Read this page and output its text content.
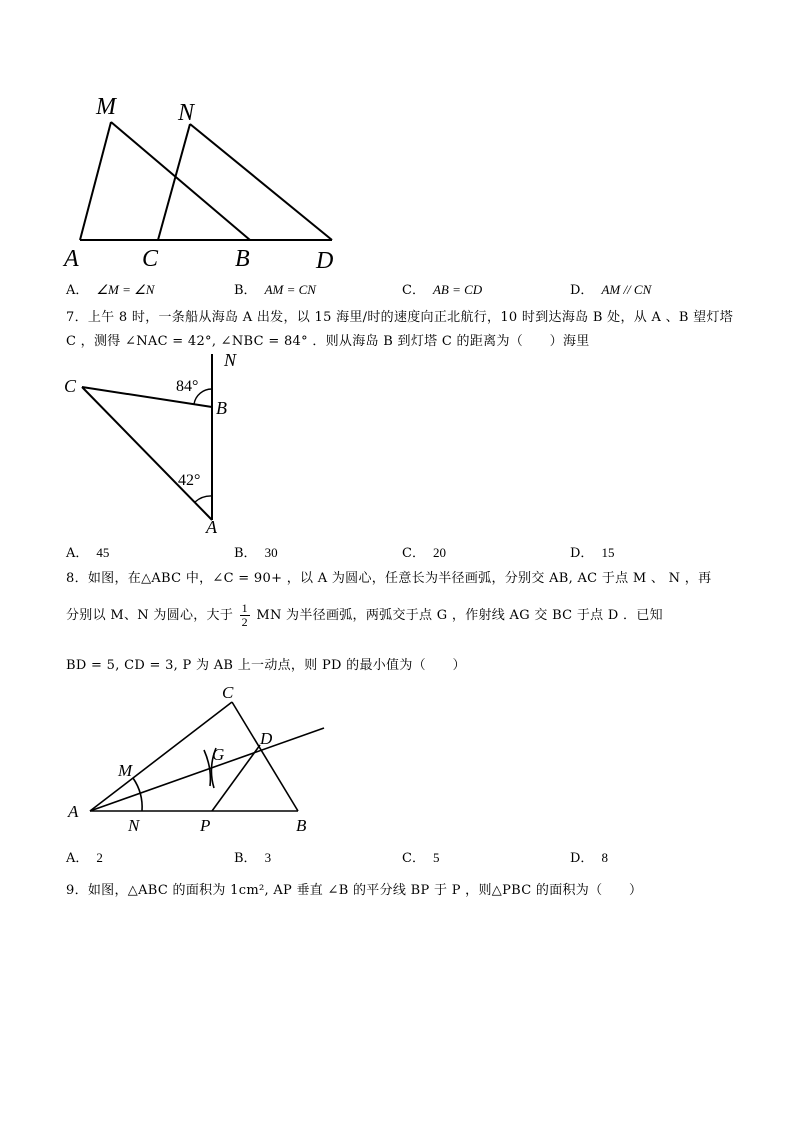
M	N
A	C	B	D
A． ∠M = ∠N	B． AM = CN	C． AB = CD	D． AM // CN
7．上午 8 时，一条船从海岛 A 出发，以 15 海里/时的速度向正北航行，10 时到达海岛 B 处，从 A 、B 望灯塔
C ，测得 ∠NAC = 42°, ∠NBC = 84° ．则从海岛 B 到灯塔 C 的距离为（　　）海里
N
C
B
A
84°
42°
A． 45	B． 30	C． 20	D． 15
8．如图，在△ABC 中，∠C = 90+ ，以 A 为圆心，任意长为半径画弧，分别交 AB, AC 于点 M 、 N ，再
分别以 M、N 为圆心，大于 $\frac{1}{2}$ MN 为半径画弧，两弧交于点 G ，作射线 AG 交 BC 于点 D ．已知
BD = 5, CD = 3, P 为 AB 上一动点，则 PD 的最小值为（　　）
C
D
G
M
A
N	P	B
A． 2	B． 3	C． 5	D． 8
9．如图，△ABC 的面积为 1cm², AP 垂直 ∠B 的平分线 BP 于 P ，则△PBC 的面积为（　　）
